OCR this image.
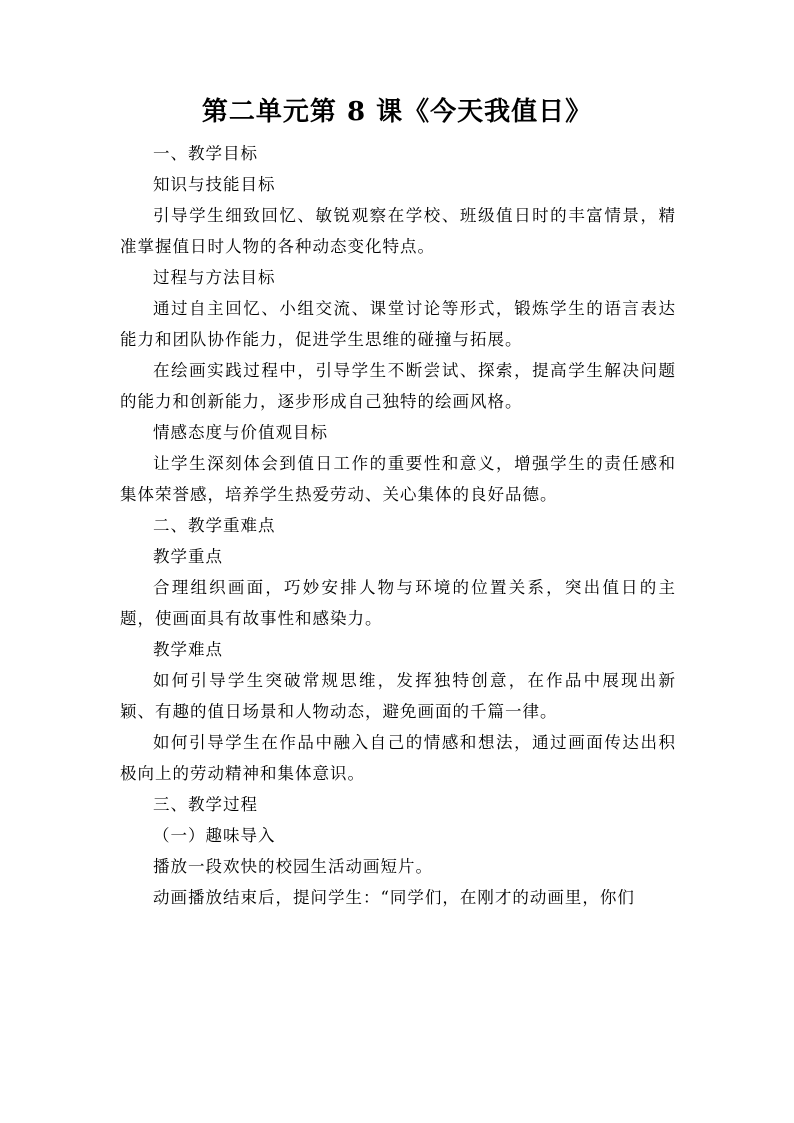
第二单元第 8 课《今天我值日》

一、教学目标

知识与技能目标

引导学生细致回忆、敏锐观察在学校、班级值日时的丰富情景，精准掌握值日时人物的各种动态变化特点。

过程与方法目标

通过自主回忆、小组交流、课堂讨论等形式，锻炼学生的语言表达能力和团队协作能力，促进学生思维的碰撞与拓展。

在绘画实践过程中，引导学生不断尝试、探索，提高学生解决问题的能力和创新能力，逐步形成自己独特的绘画风格。

情感态度与价值观目标

让学生深刻体会到值日工作的重要性和意义，增强学生的责任感和集体荣誉感，培养学生热爱劳动、关心集体的良好品德。

二、教学重难点

教学重点

合理组织画面，巧妙安排人物与环境的位置关系，突出值日的主题，使画面具有故事性和感染力。

教学难点

如何引导学生突破常规思维，发挥独特创意，在作品中展现出新颖、有趣的值日场景和人物动态，避免画面的千篇一律。

如何引导学生在作品中融入自己的情感和想法，通过画面传达出积极向上的劳动精神和集体意识。

三、教学过程

（一）趣味导入

播放一段欢快的校园生活动画短片。

动画播放结束后，提问学生：“同学们，在刚才的动画里，你们
